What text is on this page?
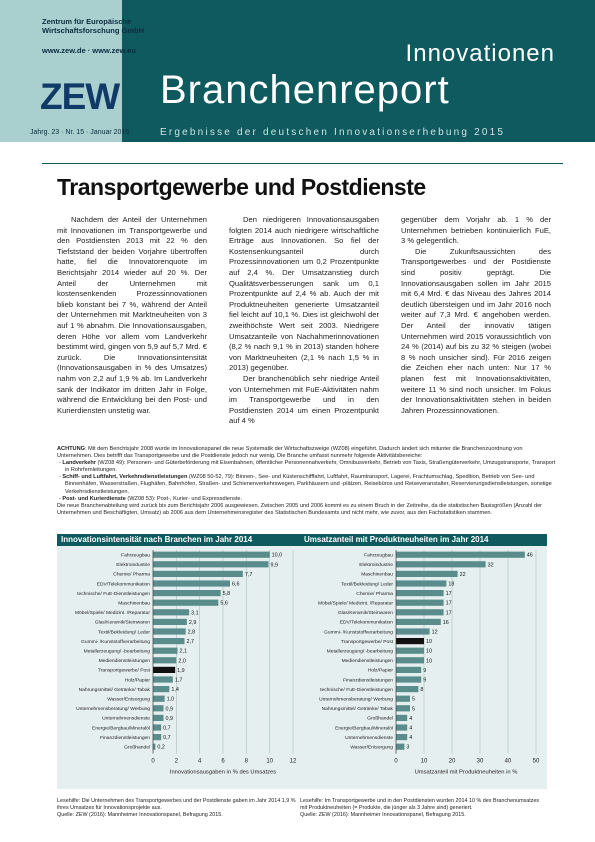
Zentrum für Europäische
Wirtschaftsforschung GmbH
www.zew.de · www.zew.eu
ZEW
Innovationen
Branchenreport
Jahrg. 23 · Nr. 15 · Januar 2016	Ergebnisse der deutschen Innovationserhebung 2015
Transportgewerbe und Postdienste

Nachdem der Anteil der Unternehmen mit Innovationen im Transportgewerbe und den Postdiensten 2013 mit 22 % den Tiefststand der beiden Vorjahre übertroffen hatte, fiel die Innovatorenquote im Berichtsjahr 2014 wieder auf 20 %. Der Anteil der Unternehmen mit kostensenkenden Prozessinnovationen blieb konstant bei 7 %, während der Anteil der Unternehmen mit Marktneuheiten von 3 auf 1 % abnahm. Die Innovationsausgaben, deren Höhe vor allem vom Landverkehr bestimmt wird, gingen von 5,9 auf 5,7 Mrd. € zurück. Die Innovationsintensität (Innovationsausgaben in % des Umsatzes) nahm von 2,2 auf 1,9 % ab. Im Landverkehr sank der Indikator im dritten Jahr in Folge, während die Entwicklung bei den Post- und Kurierdiensten unstetig war.

Den niedrigeren Innovationsausgaben folgten 2014 auch niedrigere wirtschaftliche Erträge aus Innovationen. So fiel der Kostensenkungsanteil durch Prozessinnovationen um 0,2 Prozentpunkte auf 2,4 %. Der Umsatzanstieg durch Qualitätsverbesserungen sank um 0,1 Prozentpunkte auf 2,4 % ab. Auch der mit Produktneuheiten generierte Umsatzanteil fiel leicht auf 10,1 %. Dies ist gleichwohl der zweithöchste Wert seit 2003. Niedrigere Umsatzanteile von Nachahmerinnovationen (8,2 % nach 9,1 % in 2013) standen höhere von Marktneuheiten (2,1 % nach 1,5 % in 2013) gegenüber.

Der branchenüblich sehr niedrige Anteil von Unternehmen mit FuE-Aktivitäten nahm im Transportgewerbe und in den Postdiensten 2014 um einen Prozentpunkt auf 4 %

gegenüber dem Vorjahr ab. 1 % der Unternehmen betrieben kontinuierlich FuE, 3 % gelegentlich.

Die Zukunftsaussichten des Transportgewerbes und der Postdienste sind positiv geprägt. Die Innovationsausgaben sollen im Jahr 2015 mit 6,4 Mrd. € das Niveau des Jahres 2014 deutlich übersteigen und im Jahr 2016 noch weiter auf 7,3 Mrd. € angehoben werden. Der Anteil der innovativ tätigen Unternehmen wird 2015 voraussichtlich von 24 % (2014) auf bis zu 32 % steigen (wobei 8 % noch unsicher sind). Für 2016 zeigen die Zeichen eher nach unten: Nur 17 % planen fest mit Innovationsaktivitäten, weitere 11 % sind noch unsicher. Im Fokus der Innovationsaktivitäten stehen in beiden Jahren Prozessinnovationen.

ACHTUNG: Mit dem Berichtsjahr 2008 wurde im Innovationspanel die neue Systematik der Wirtschaftszweige (WZ08) eingeführt. Dadurch ändert sich mitunter die Branchenzuordnung von Unternehmen. Dies betrifft das Transportgewerbe und die Postdienste jedoch nur wenig. Die Branche umfasst nunmehr folgende Aktivitätsbereiche:
- Landverkehr (WZ08 49): Personen- und Güterbeförderung mit Eisenbahnen, öffentlicher Personennahverkehr, Omnibusverkehr, Betrieb von Taxis, Straßengüterverkehr, Umzugstransporte, Transport in Rohrfernleitungen.
- Schiff- und Luftfahrt, Verkehrsdienstleistungen (WZ08 50-52, 79): Binnen-, See- und Küstenschifffahrt, Luftfahrt, Raumtransport, Lagerei, Frachtumschlag, Spedition, Betrieb von See- und Binnenhäfen, Wasserstraßen, Flughäfen, Bahnhöfen, Straßen- und Schienenverkehrswegen, Parkhäusern und -plätzen, Reisebüros und Reiseveranstalter, Reservierungsdienstleistungen, sonstige Verkehrsdienstleistungen.
- Post- und Kurierdienste (WZ08 53): Post-, Kurier- und Expressdienste.
Die neue Branchenabteilung wird zurück bis zum Berichtsjahr 2006 ausgewiesen. Zwischen 2005 und 2006 kommt es zu einem Bruch in der Zeitreihe, da die statistischen Basisgrößen (Anzahl der Unternehmen und Beschäftigten, Umsatz) ab 2006 aus dem Unternehmensregister des Statistischen Bundesamts und nicht mehr, wie zuvor, aus den Fachstatistiken stammen.
Innovationsintensität nach Branchen im Jahr 2014
0	2	4	6	8	10	12
Fahrzeugbau	10,0
Elektroindustrie	9,9
Chemie/ Pharma	7,7
EDV/Telekommunikation	6,6
technische/ FuE-Dienstleistungen	5,8
Maschinenbau	5,6
Möbel/Spiele/ Medizint. /Reparatur	3,1
Glas/Keramik/Steinwaren	2,9
Textil/Bekleidung/ Leder	2,8
Gummi- /Kunststoffverarbeitung	2,7
Metallerzeugung/ -bearbeitung	2,1
Mediendienstleistungen	2,0
Transportgewerbe/ Post	1,9
Holz/Papier	1,7
Nahrungsmittel/ Getränke/ Tabak	1,4
Wasser/Entsorgung	1,0
Unternehmensberatung/ Werbung	0,9
Unternehmensdienste	0,9
Energie/Bergbau/Mineralöl 0,7
Finanzdienstleistungen 0,7
Großhandel 0,2
Innovationsausgaben in % des Umsatzes
Umsatzanteil mit Produktneuheiten im Jahr 2014
0	10	20	30	40	50
Fahrzeugbau	46
Elektroindustrie	32
Maschinenbau	22
Textil/Bekleidung/ Leder	18
Chemie/ Pharma	17
Möbel/Spiele/ Medizint. /Reparatur	17
Glas/Keramik/Steinwaren	17
EDV/Telekommunikation	16
Gummi- /Kunststoffverarbeitung	12
Transportgewerbe/ Post	10
Metallerzeugung/ -bearbeitung	10
Mediendienstleistungen	10
Holz/Papier	9
Finanzdienstleistungen	9
technische/ FuE-Dienstleistungen	8
Unternehmensberatung/ Werbung	5
Nahrungsmittel/ Getränke/ Tabak	5
Großhandel	4
Energie/Bergbau/Mineralöl	4
Unternehmensdienste	4
Wasser/Entsorgung 3
Umsatzanteil mit Produktneuheiten in %
Lesehilfe: Die Unternehmen des Transportgewerbes und der Postdienste gaben im Jahr 2014 1,9 % ihres Umsatzes für Innovationsprojekte aus.
Quelle: ZEW (2016): Mannheimer Innovationspanel, Befragung 2015.
Lesehilfe: Im Transportgewerbe und in den Postdiensten wurden 2014 10 % des Branchenumsatzes mit Produktneuheiten (= Produkte, die jünger als 3 Jahre sind) generiert.
Quelle: ZEW (2016): Mannheimer Innovationspanel, Befragung 2015.
